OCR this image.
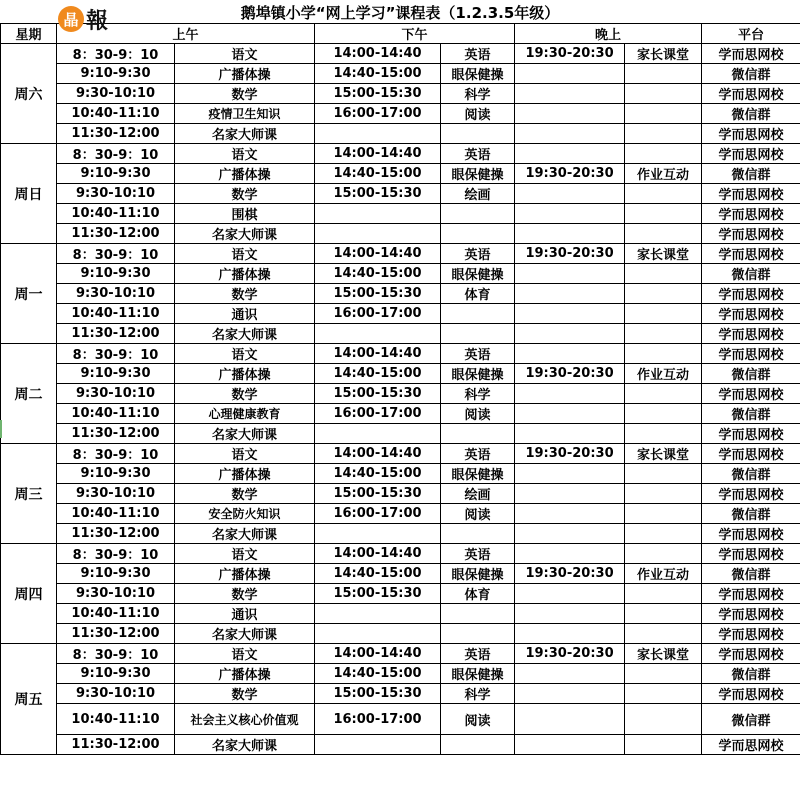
晶 報	鹅埠镇小学“网上学习”课程表（1.2.3.5年级）
星期	上午		下午		晚上		平台
周六	8：30-9：10	语文	14:00-14:40	英语	19:30-20:30	家长课堂	学而思网校
	9:10-9:30	广播体操	14:40-15:00	眼保健操			微信群
	9:30-10:10	数学	15:00-15:30	科学			学而思网校
	10:40-11:10	疫情卫生知识	16:00-17:00	阅读			微信群
	11:30-12:00	名家大师课					学而思网校
周日	8：30-9：10	语文	14:00-14:40	英语			学而思网校
	9:10-9:30	广播体操	14:40-15:00	眼保健操	19:30-20:30	作业互动	微信群
	9:30-10:10	数学	15:00-15:30	绘画			学而思网校
	10:40-11:10	围棋					学而思网校
	11:30-12:00	名家大师课					学而思网校
周一	8：30-9：10	语文	14:00-14:40	英语	19:30-20:30	家长课堂	学而思网校
	9:10-9:30	广播体操	14:40-15:00	眼保健操			微信群
	9:30-10:10	数学	15:00-15:30	体育			学而思网校
	10:40-11:10	通识	16:00-17:00				学而思网校
	11:30-12:00	名家大师课					学而思网校
周二	8：30-9：10	语文	14:00-14:40	英语			学而思网校
	9:10-9:30	广播体操	14:40-15:00	眼保健操	19:30-20:30	作业互动	微信群
	9:30-10:10	数学	15:00-15:30	科学			学而思网校
	10:40-11:10	心理健康教育	16:00-17:00	阅读			微信群
	11:30-12:00	名家大师课					学而思网校
周三	8：30-9：10	语文	14:00-14:40	英语	19:30-20:30	家长课堂	学而思网校
	9:10-9:30	广播体操	14:40-15:00	眼保健操			微信群
	9:30-10:10	数学	15:00-15:30	绘画			学而思网校
	10:40-11:10	安全防火知识	16:00-17:00	阅读			微信群
	11:30-12:00	名家大师课					学而思网校
周四	8：30-9：10	语文	14:00-14:40	英语			学而思网校
	9:10-9:30	广播体操	14:40-15:00	眼保健操	19:30-20:30	作业互动	微信群
	9:30-10:10	数学	15:00-15:30	体育			学而思网校
	10:40-11:10	通识					学而思网校
	11:30-12:00	名家大师课					学而思网校
周五	8：30-9：10	语文	14:00-14:40	英语	19:30-20:30	家长课堂	学而思网校
	9:10-9:30	广播体操	14:40-15:00	眼保健操			微信群
	9:30-10:10	数学	15:00-15:30	科学			学而思网校
	10:40-11:10	社会主义核心价值观	16:00-17:00	阅读			微信群
	11:30-12:00	名家大师课					学而思网校
